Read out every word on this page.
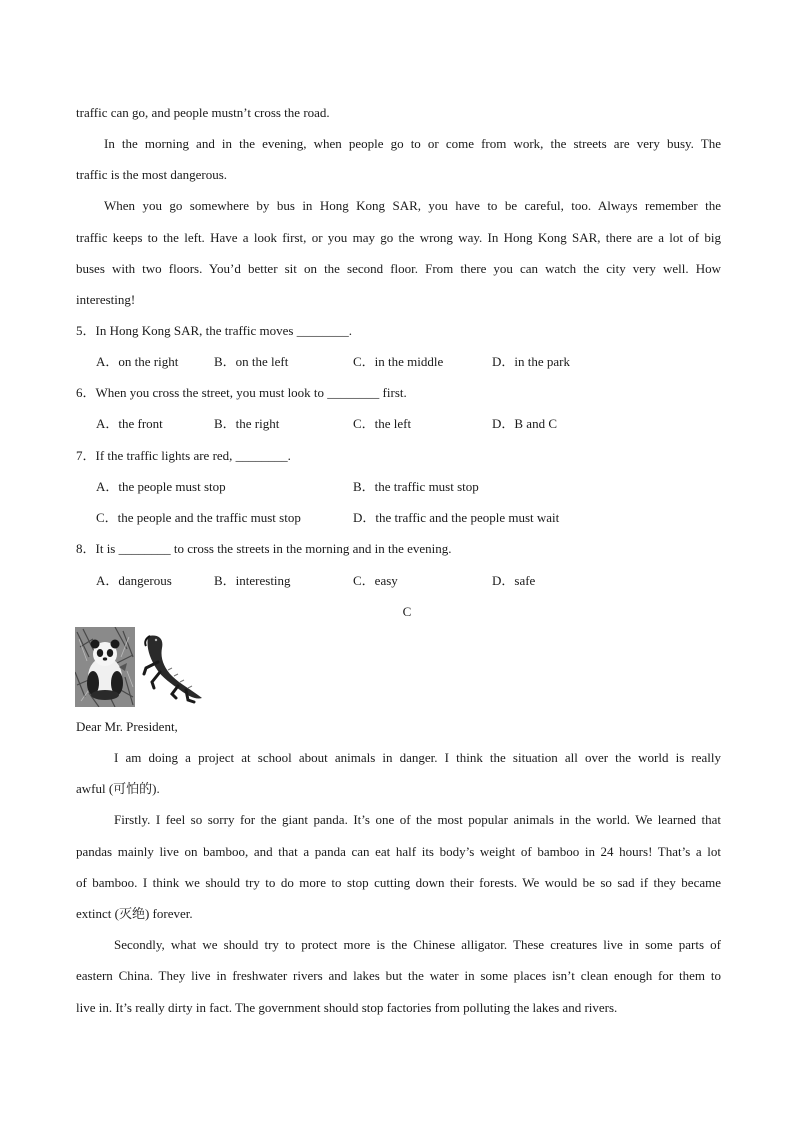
traffic can go, and people mustn’t cross the road.
In the morning and in the evening, when people go to or come from work, the streets are very busy. The
traffic is the most dangerous.
When you go somewhere by bus in Hong Kong SAR, you have to be careful, too. Always remember the
traffic keeps to the left. Have a look first, or you may go the wrong way. In Hong Kong SAR, there are a lot of big
buses with two floors. You’d better sit on the second floor. From there you can watch the city very well. How
interesting!
5．In Hong Kong SAR, the traffic moves ________.
A．on the right	B．on the left	C．in the middle	D．in the park
6．When you cross the street, you must look to ________ first.
A．the front	B．the right	C．the left	D．B and C
7．If the traffic lights are red, ________.
A．the people must stop	B．the traffic must stop
C．the people and the traffic must stop	D．the traffic and the people must wait
8．It is ________ to cross the streets in the morning and in the evening.
A．dangerous	B．interesting	C．easy	D．safe
C
Dear Mr. President,
I am doing a project at school about animals in danger. I think the situation all over the world is really
awful (可怕的).
Firstly. I feel so sorry for the giant panda. It’s one of the most popular animals in the world. We learned that
pandas mainly live on bamboo, and that a panda can eat half its body’s weight of bamboo in 24 hours! That’s a lot
of bamboo. I think we should try to do more to stop cutting down their forests. We would be so sad if they became
extinct (灭绝) forever.
Secondly, what we should try to protect more is the Chinese alligator. These creatures live in some parts of
eastern China. They live in freshwater rivers and lakes but the water in some places isn’t clean enough for them to
live in. It’s really dirty in fact. The government should stop factories from polluting the lakes and rivers.
